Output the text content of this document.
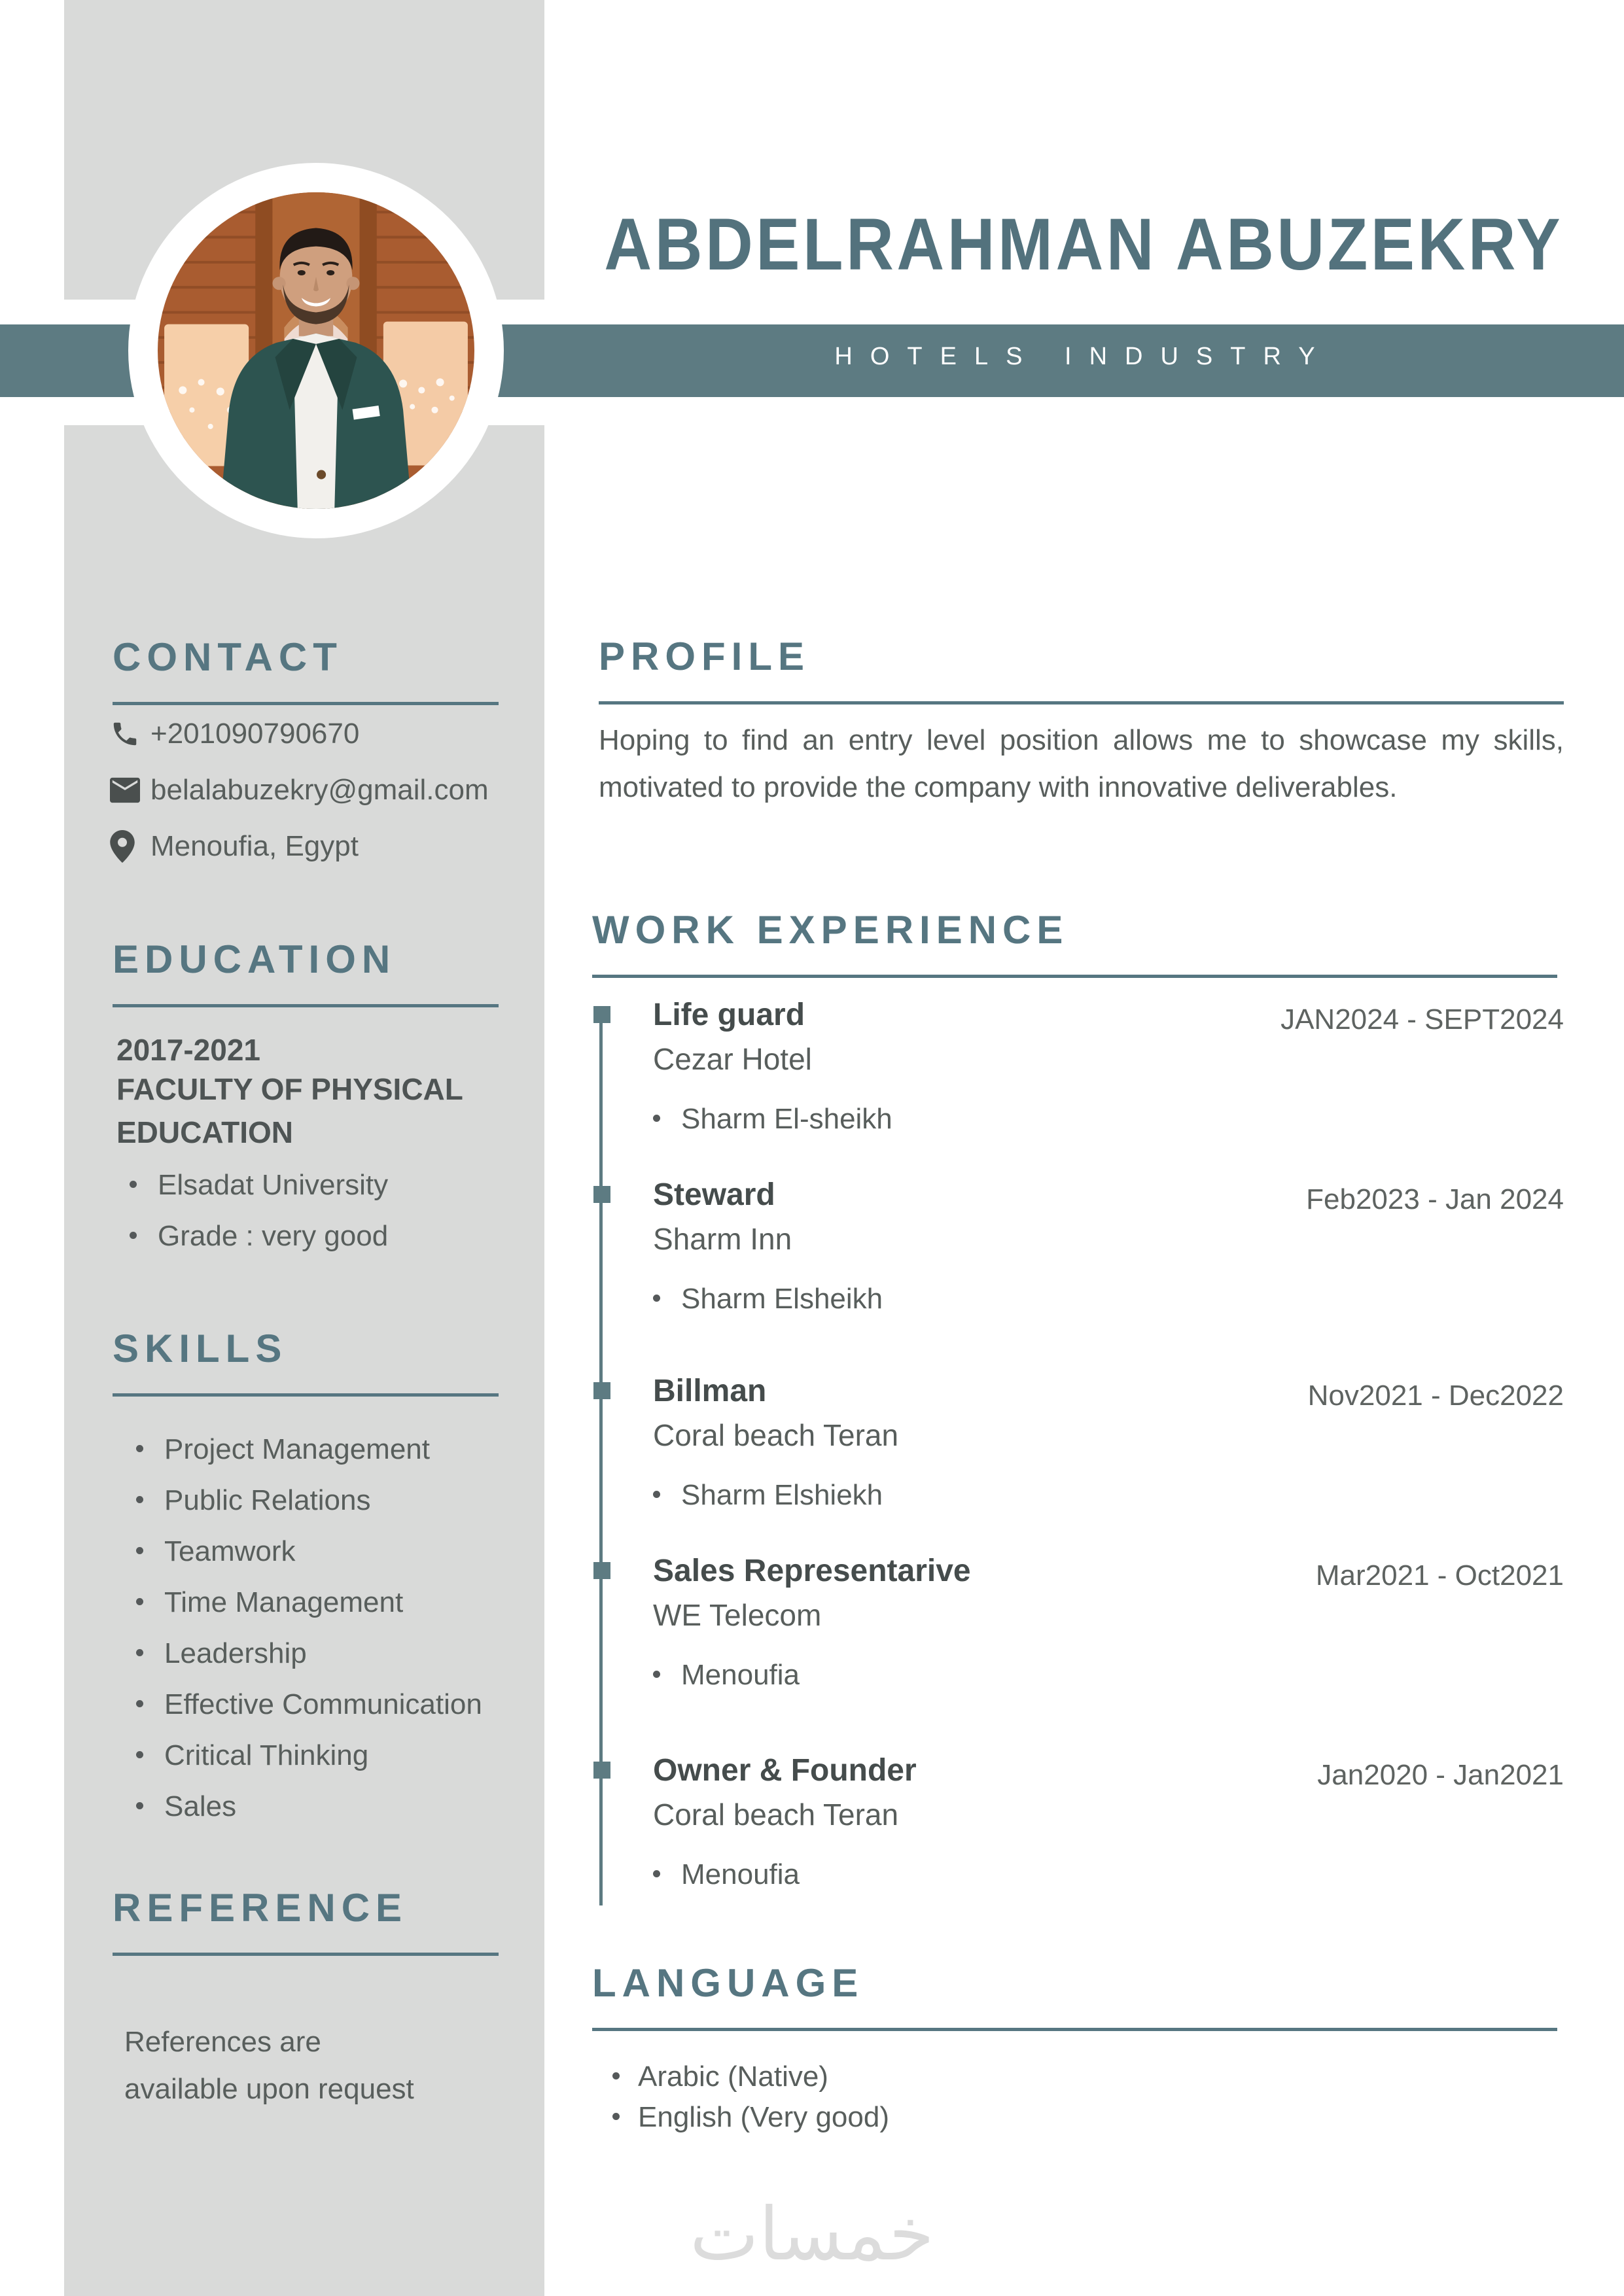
ABDELRAHMAN ABUZEKRY
HOTELS INDUSTRY
CONTACT
+201090790670
belalabuzekry@gmail.com
Menoufia, Egypt
EDUCATION
2017-2021
FACULTY OF PHYSICAL EDUCATION
Elsadat University
Grade : very good
SKILLS
Project Management
Public Relations
Teamwork
Time Management
Leadership
Effective Communication
Critical Thinking
Sales
REFERENCE
References are available upon request
PROFILE
Hoping to find an entry level position allows me to showcase my skills, motivated to provide the company with innovative deliverables.
WORK EXPERIENCE
Life guard
Cezar Hotel
JAN2024 - SEPT2024
Sharm El-sheikh
Steward
Sharm Inn
Feb2023 - Jan 2024
Sharm Elsheikh
Billman
Coral beach Teran
Nov2021 - Dec2022
Sharm Elshiekh
Sales Representarive
WE Telecom
Mar2021 - Oct2021
Menoufia
Owner & Founder
Coral beach Teran
Jan2020 - Jan2021
Menoufia
LANGUAGE
Arabic (Native)
English (Very good)
خمسات
